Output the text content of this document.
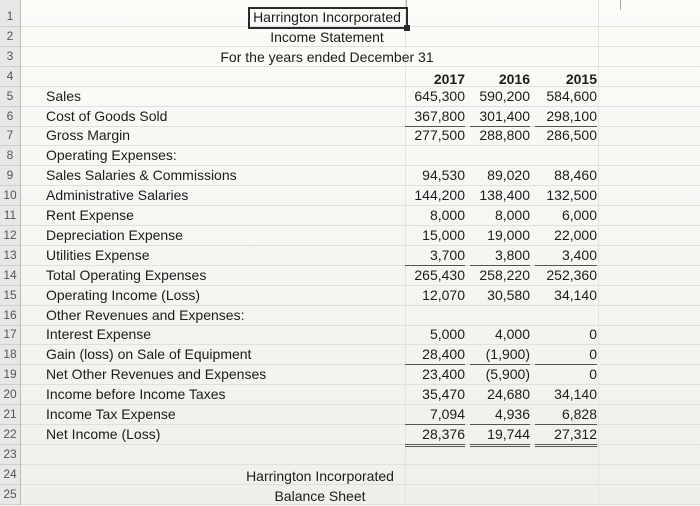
1
2
3
4
5
6
7
8
9
10
11
12
13
14
15
16
17
18
19
20
21
22
23
24
25
Harrington Incorporated
Income Statement
For the years ended December 31
2017	2016	2015
Sales	645,300	590,200	584,600
Cost of Goods Sold	367,800	301,400	298,100
Gross Margin	277,500	288,800	286,500
Operating Expenses:
Sales Salaries & Commissions	94,530	89,020	88,460
Administrative Salaries	144,200	138,400	132,500
Rent Expense	8,000	8,000	6,000
Depreciation Expense	15,000	19,000	22,000
Utilities Expense	3,700	3,800	3,400
Total Operating Expenses	265,430	258,220	252,360
Operating Income (Loss)	12,070	30,580	34,140
Other Revenues and Expenses:
Interest Expense	5,000	4,000	0
Gain (loss) on Sale of Equipment	28,400	(1,900)	0
Net Other Revenues and Expenses	23,400	(5,900)	0
Income before Income Taxes	35,470	24,680	34,140
Income Tax Expense	7,094	4,936	6,828
Net Income (Loss)	28,376	19,744	27,312
Harrington Incorporated
Balance Sheet
